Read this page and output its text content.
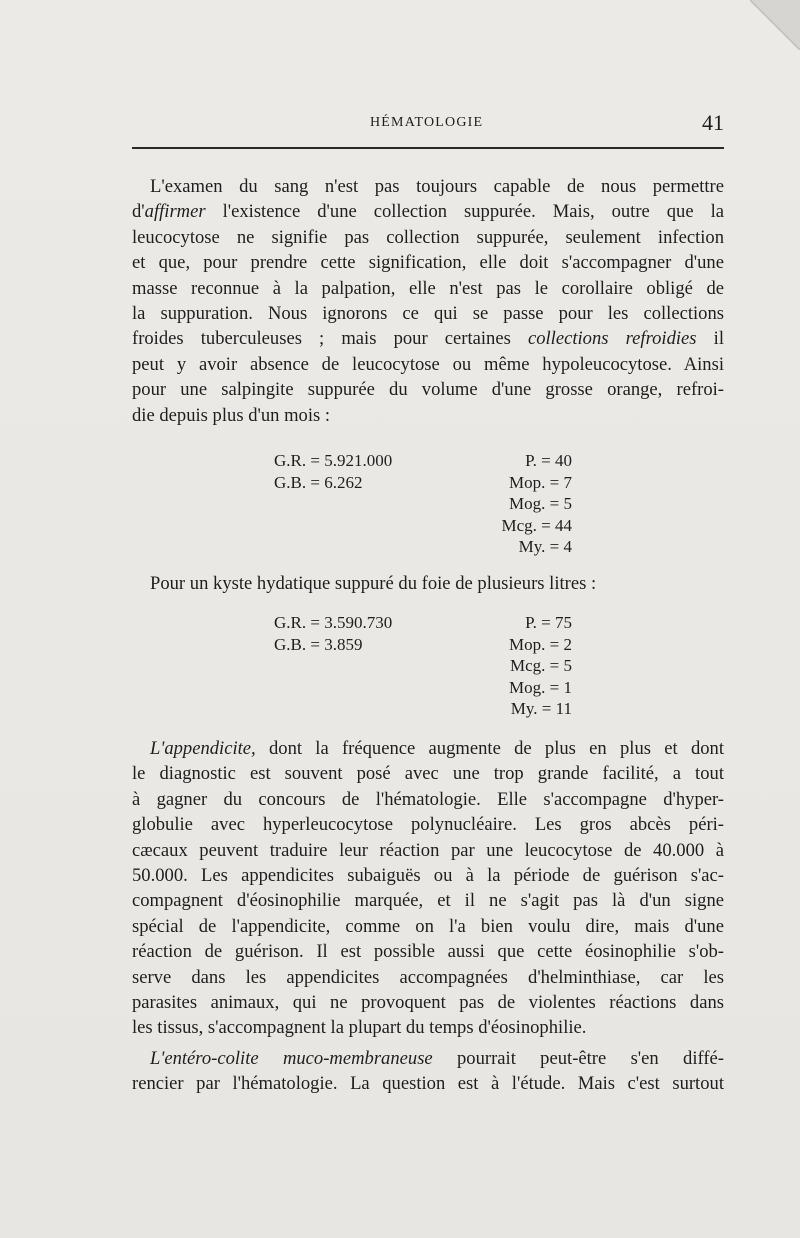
HÉMATOLOGIE	41
L'examen du sang n'est pas toujours capable de nous permettre
d'affirmer l'existence d'une collection suppurée. Mais, outre que la
leucocytose ne signifie pas collection suppurée, seulement infection
et que, pour prendre cette signification, elle doit s'accompagner d'une
masse reconnue à la palpation, elle n'est pas le corollaire obligé de
la suppuration. Nous ignorons ce qui se passe pour les collections
froides tuberculeuses ; mais pour certaines collections refroidies il
peut y avoir absence de leucocytose ou même hypoleucocytose. Ainsi
pour une salpingite suppurée du volume d'une grosse orange, refroi-
die depuis plus d'un mois :
G.R. = 5.921.000
G.B. = 6.262
P. = 40
Mop. = 7
Mog. = 5
Mcg. = 44
My. = 4
Pour un kyste hydatique suppuré du foie de plusieurs litres :
G.R. = 3.590.730
G.B. = 3.859
P. = 75
Mop. = 2
Mcg. = 5
Mog. = 1
My. = 11
L'appendicite, dont la fréquence augmente de plus en plus et dont
le diagnostic est souvent posé avec une trop grande facilité, a tout
à gagner du concours de l'hématologie. Elle s'accompagne d'hyper-
globulie avec hyperleucocytose polynucléaire. Les gros abcès péri-
cæcaux peuvent traduire leur réaction par une leucocytose de 40.000 à
50.000. Les appendicites subaiguës ou à la période de guérison s'ac-
compagnent d'éosinophilie marquée, et il ne s'agit pas là d'un signe
spécial de l'appendicite, comme on l'a bien voulu dire, mais d'une
réaction de guérison. Il est possible aussi que cette éosinophilie s'ob-
serve dans les appendicites accompagnées d'helminthiase, car les
parasites animaux, qui ne provoquent pas de violentes réactions dans
les tissus, s'accompagnent la plupart du temps d'éosinophilie.
L'entéro-colite muco-membraneuse pourrait peut-être s'en diffé-
rencier par l'hématologie. La question est à l'étude. Mais c'est surtout
